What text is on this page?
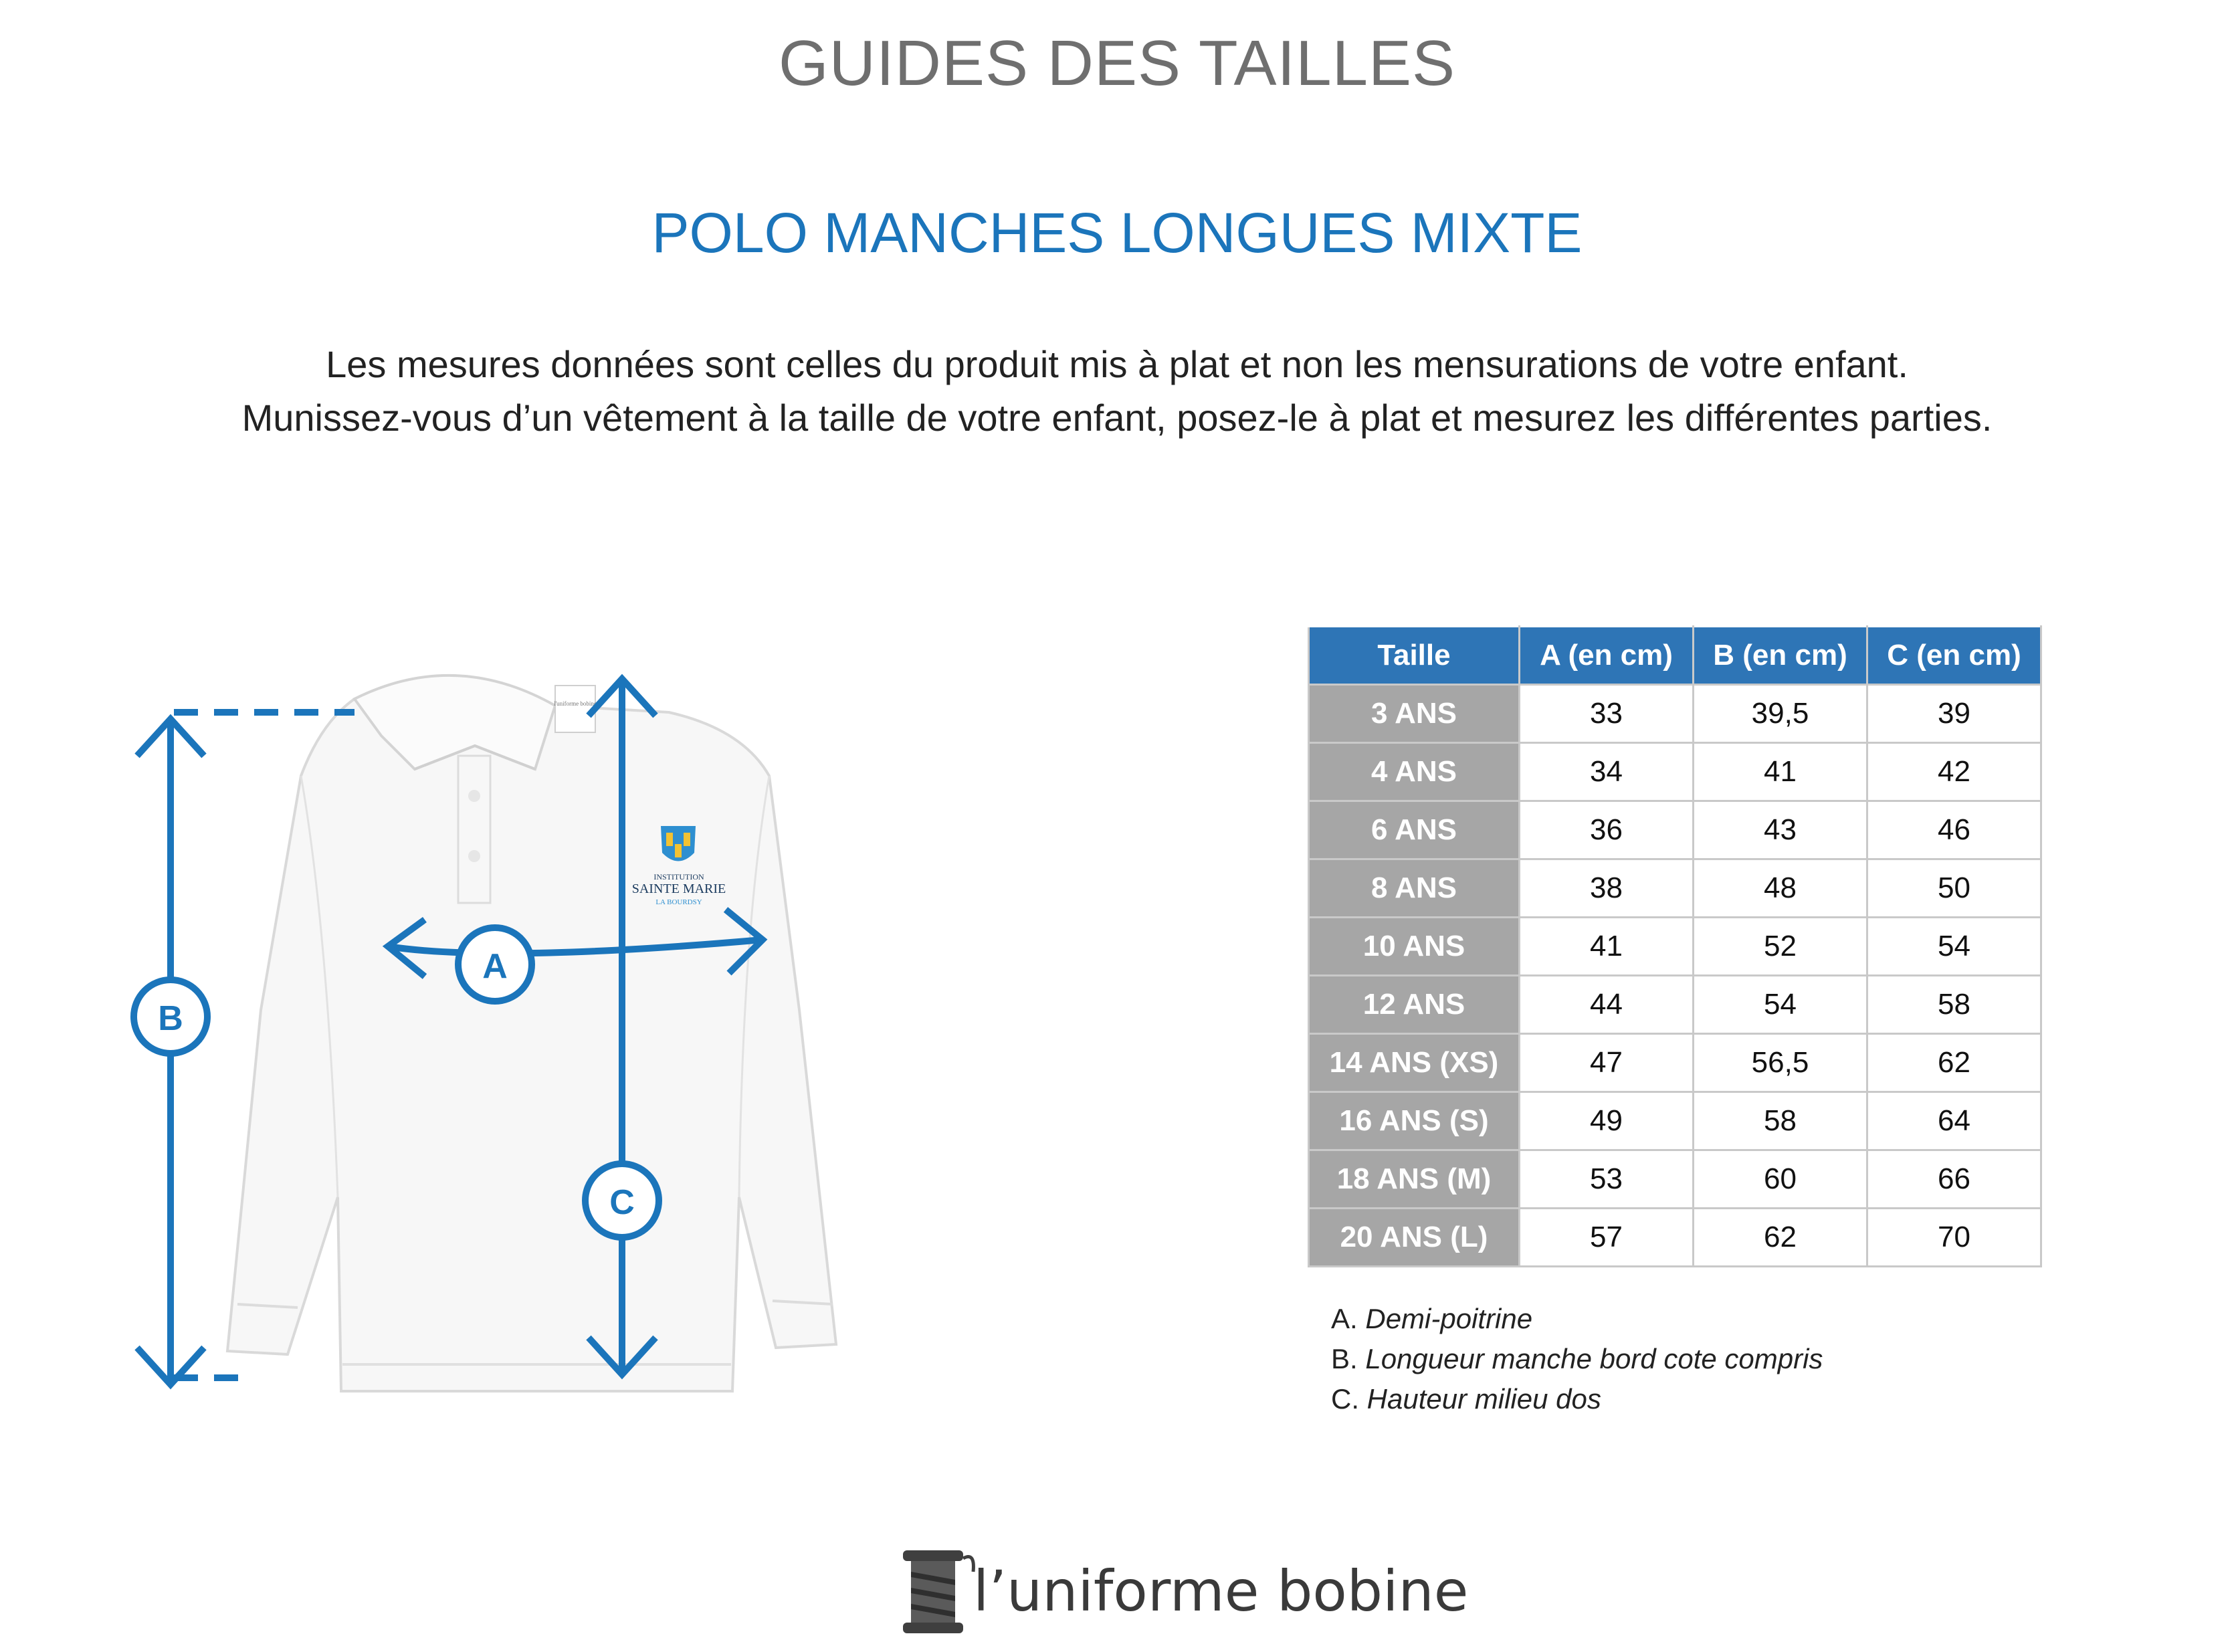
GUIDES DES TAILLES
POLO MANCHES LONGUES MIXTE
Les mesures données sont celles du produit mis à plat et non les mensurations de votre enfant.
Munissez-vous d’un vêtement à la taille de votre enfant, posez-le à plat et mesurez les différentes parties.
l'uniforme bobine
INSTITUTION
SAINTE MARIE
LA BOURDSY
B
C
A
Taille	A (en cm)	B (en cm)	C (en cm)
3 ANS	33	39,5	39
4 ANS	34	41	42
6 ANS	36	43	46
8 ANS	38	48	50
10 ANS	41	52	54
12 ANS	44	54	58
14 ANS (XS)	47	56,5	62
16 ANS (S)	49	58	64
18 ANS (M)	53	60	66
20 ANS (L)	57	62	70
A. Demi-poitrine
B. Longueur manche bord cote compris
C. Hauteur milieu dos
l’uniforme bobine
